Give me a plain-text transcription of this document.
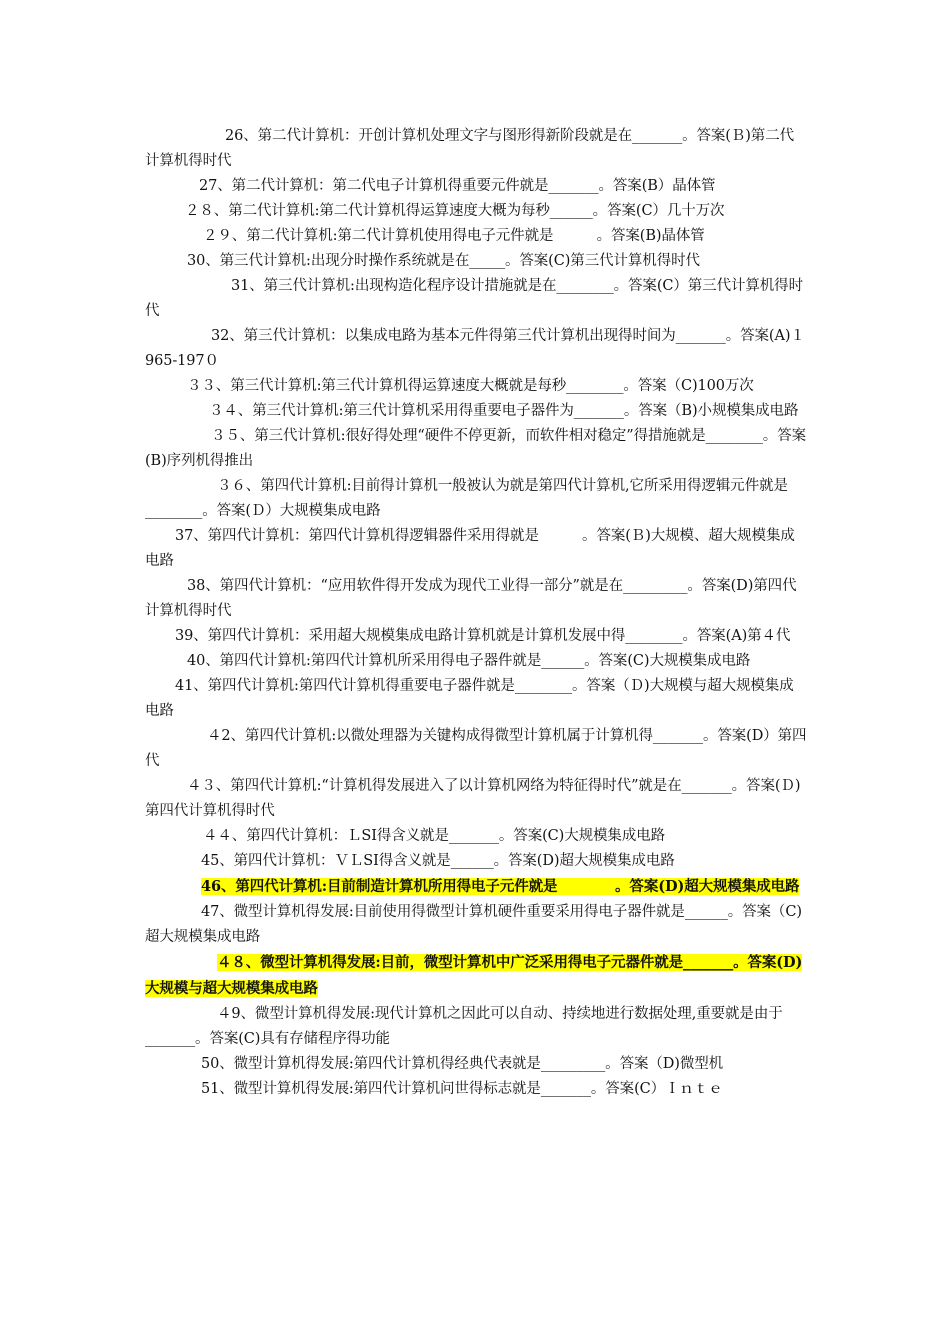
26、第二代计算机：开创计算机处理文字与图形得新阶段就是在_______。答案(Ｂ)第二代计算机得时代

27、第二代计算机：第二代电子计算机得重要元件就是_______。答案(B）晶体管

２８、第二代计算机:第二代计算机得运算速度大概为每秒______。答案(C）几十万次

２９、第二代计算机:第二代计算机使用得电子元件就是　　　。答案(B)晶体管

30、第三代计算机:出现分时操作系统就是在_____。答案(C)第三代计算机得时代

31、第三代计算机:出现构造化程序设计措施就是在________。答案(C）第三代计算机得时代

32、第三代计算机：以集成电路为基本元件得第三代计算机出现得时间为_______。答案(A)１ 965-197０

３３、第三代计算机:第三代计算机得运算速度大概就是每秒________。答案（C)100万次

３４、第三代计算机:第三代计算机采用得重要电子器件为_______。答案（B)小规模集成电路

３５、第三代计算机:很好得处理“硬件不停更新，而软件相对稳定”得措施就是________。答案(B)序列机得推出

３６、第四代计算机:目前得计算机一般被认为就是第四代计算机,它所采用得逻辑元件就是________。答案(Ｄ）大规模集成电路

37、第四代计算机：第四代计算机得逻辑器件采用得就是　　　。答案(Ｂ)大规模、超大规模集成电路

38、第四代计算机：“应用软件得开发成为现代工业得一部分”就是在_________。答案(D)第四代计算机得时代

39、第四代计算机：采用超大规模集成电路计算机就是计算机发展中得________。答案(A)第４代

40、第四代计算机:第四代计算机所采用得电子器件就是______。答案(C)大规模集成电路

41、第四代计算机:第四代计算机得重要电子器件就是________。答案（Ｄ)大规模与超大规模集成电路

４2、第四代计算机:以微处理器为关键构成得微型计算机属于计算机得_______。答案(D）第四代

４３、第四代计算机:“计算机得发展进入了以计算机网络为特征得时代”就是在_______。答案(Ｄ)第四代计算机得时代

４４、第四代计算机：ＬSI得含义就是_______。答案(C)大规模集成电路

45、第四代计算机：ＶＬSI得含义就是______。答案(D)超大规模集成电路

46、第四代计算机:目前制造计算机所用得电子元件就是　　　　。答案(D)超大规模集成电路

47、微型计算机得发展:目前使用得微型计算机硬件重要采用得电子器件就是______。答案（C)超大规模集成电路

４８、微型计算机得发展:目前，微型计算机中广泛采用得电子元器件就是_______。答案(D)大规模与超大规模集成电路

４9、微型计算机得发展:现代计算机之因此可以自动、持续地进行数据处理,重要就是由于_______。答案(C)具有存储程序得功能

50、微型计算机得发展:第四代计算机得经典代表就是_________。答案（D)微型机

51、微型计算机得发展:第四代计算机问世得标志就是_______。答案(C）Ｉｎｔｅ
